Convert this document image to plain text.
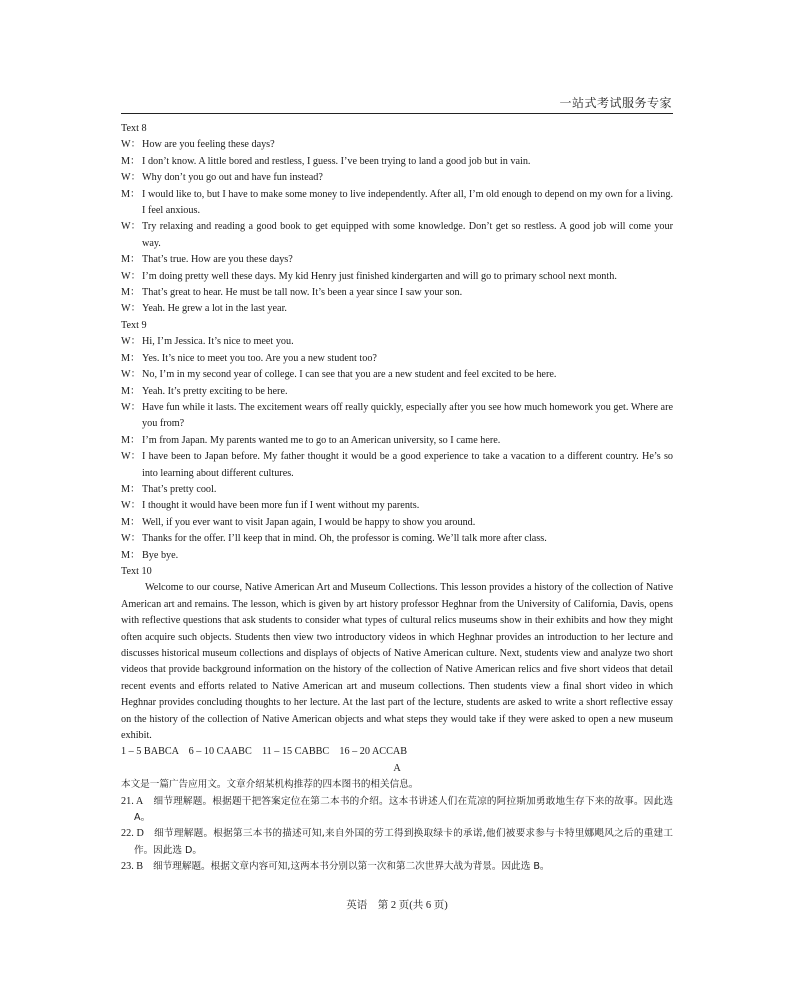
一站式考试服务专家

Text 8

W：How are you feeling these days?

M： I don’t know. A little bored and restless, I guess. I’ve been trying to land a good job but in vain.

W：Why don’t you go out and have fun instead?

M： I would like to, but I have to make some money to live independently. After all, I’m old enough to depend on my own for a living. I feel anxious.

W：Try relaxing and reading a good book to get equipped with some knowledge. Don’t get so restless. A good job will come your way.

M： That’s true. How are you these days?

W：I’m doing pretty well these days. My kid Henry just finished kindergarten and will go to primary school next month.

M： That’s great to hear. He must be tall now. It’s been a year since I saw your son.

W：Yeah. He grew a lot in the last year.

Text 9

W：Hi, I’m Jessica. It’s nice to meet you.

M： Yes. It’s nice to meet you too. Are you a new student too?

W：No, I’m in my second year of college. I can see that you are a new student and feel excited to be here.

M： Yeah. It’s pretty exciting to be here.

W：Have fun while it lasts. The excitement wears off really quickly, especially after you see how much homework you get. Where are you from?

M： I’m from Japan. My parents wanted me to go to an American university, so I came here.

W：I have been to Japan before. My father thought it would be a good experience to take a vacation to a different country. He’s so into learning about different cultures.

M： That’s pretty cool.

W：I thought it would have been more fun if I went without my parents.

M： Well, if you ever want to visit Japan again, I would be happy to show you around.

W：Thanks for the offer. I’ll keep that in mind. Oh, the professor is coming. We’ll talk more after class.

M： Bye bye.

Text 10

Welcome to our course, Native American Art and Museum Collections. This lesson provides a history of the collection of Native American art and remains. The lesson, which is given by art history professor Heghnar from the University of California, Davis, opens with reflective questions that ask students to consider what types of cultural relics museums show in their exhibits and how they might often acquire such objects. Students then view two introductory videos in which Heghnar provides an introduction to her lecture and discusses historical museum collections and displays of objects of Native American culture. Next, students view and analyze two short videos that provide background information on the history of the collection of Native American relics and five short videos that detail recent events and efforts related to Native American art and museum collections. Then students view a final short video in which Heghnar provides concluding thoughts to her lecture. At the last part of the lecture, students are asked to write a short reflective essay on the history of the collection of Native American objects and what steps they would take if they were asked to open a new museum exhibit.

1 – 5 BABCA    6 – 10 CAABC    11 – 15 CABBC    16 – 20 ACCAB

A

本文是一篇广告应用文。文章介绍某机构推荐的四本图书的相关信息。

21. A 细节理解题。根据题干把答案定位在第二本书的介绍。这本书讲述人们在荒凉的阿拉斯加勇敢地生存下来的故事。因此选 A。

22. D 细节理解题。根据第三本书的描述可知,来自外国的劳工得到换取绿卡的承诺,他们被要求参与卡特里娜飓风之后的重建工作。因此选 D。

23. B 细节理解题。根据文章内容可知,这两本书分别以第一次和第二次世界大战为背景。因此选 B。

英语　第 2 页(共 6 页)
